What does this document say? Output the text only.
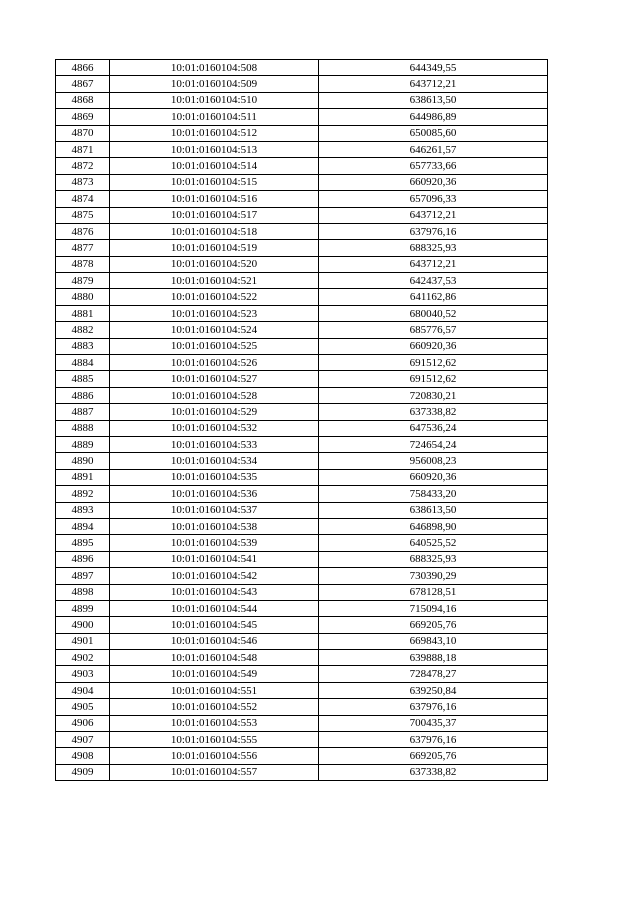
4866	10:01:0160104:508	644349,55
4867	10:01:0160104:509	643712,21
4868	10:01:0160104:510	638613,50
4869	10:01:0160104:511	644986,89
4870	10:01:0160104:512	650085,60
4871	10:01:0160104:513	646261,57
4872	10:01:0160104:514	657733,66
4873	10:01:0160104:515	660920,36
4874	10:01:0160104:516	657096,33
4875	10:01:0160104:517	643712,21
4876	10:01:0160104:518	637976,16
4877	10:01:0160104:519	688325,93
4878	10:01:0160104:520	643712,21
4879	10:01:0160104:521	642437,53
4880	10:01:0160104:522	641162,86
4881	10:01:0160104:523	680040,52
4882	10:01:0160104:524	685776,57
4883	10:01:0160104:525	660920,36
4884	10:01:0160104:526	691512,62
4885	10:01:0160104:527	691512,62
4886	10:01:0160104:528	720830,21
4887	10:01:0160104:529	637338,82
4888	10:01:0160104:532	647536,24
4889	10:01:0160104:533	724654,24
4890	10:01:0160104:534	956008,23
4891	10:01:0160104:535	660920,36
4892	10:01:0160104:536	758433,20
4893	10:01:0160104:537	638613,50
4894	10:01:0160104:538	646898,90
4895	10:01:0160104:539	640525,52
4896	10:01:0160104:541	688325,93
4897	10:01:0160104:542	730390,29
4898	10:01:0160104:543	678128,51
4899	10:01:0160104:544	715094,16
4900	10:01:0160104:545	669205,76
4901	10:01:0160104:546	669843,10
4902	10:01:0160104:548	639888,18
4903	10:01:0160104:549	728478,27
4904	10:01:0160104:551	639250,84
4905	10:01:0160104:552	637976,16
4906	10:01:0160104:553	700435,37
4907	10:01:0160104:555	637976,16
4908	10:01:0160104:556	669205,76
4909	10:01:0160104:557	637338,82
